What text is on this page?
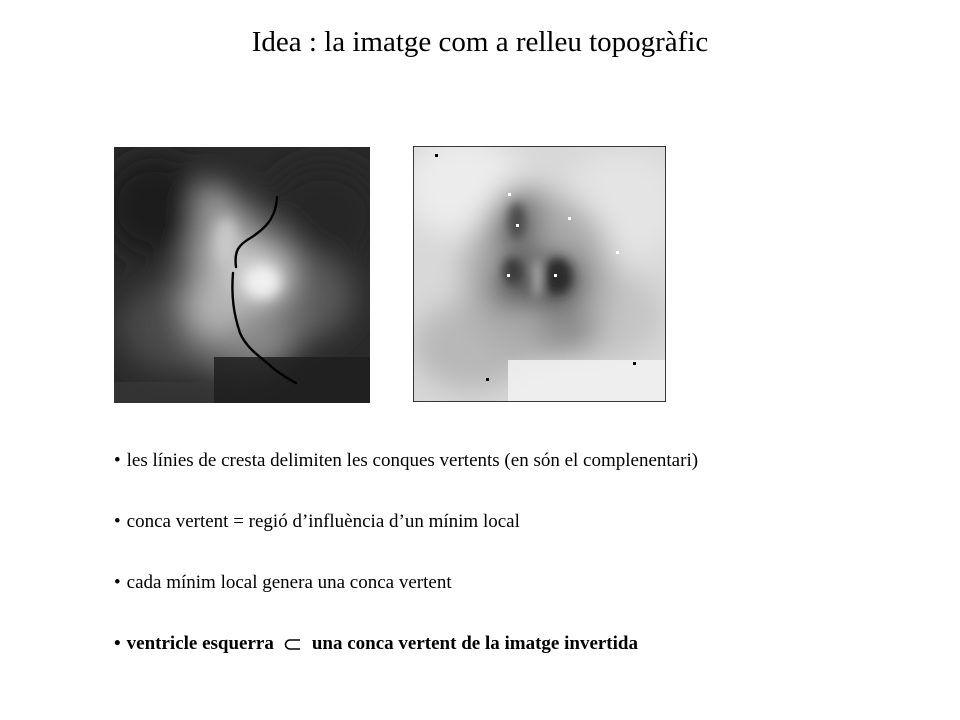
Idea : la imatge com a relleu topogràfic
• les línies de cresta delimiten les conques vertents (en són el complenentari)
• conca vertent = regió d’influència d’un mínim local
• cada mínim local genera una conca vertent
• ventricle esquerra una conca vertent de la imatge invertida
